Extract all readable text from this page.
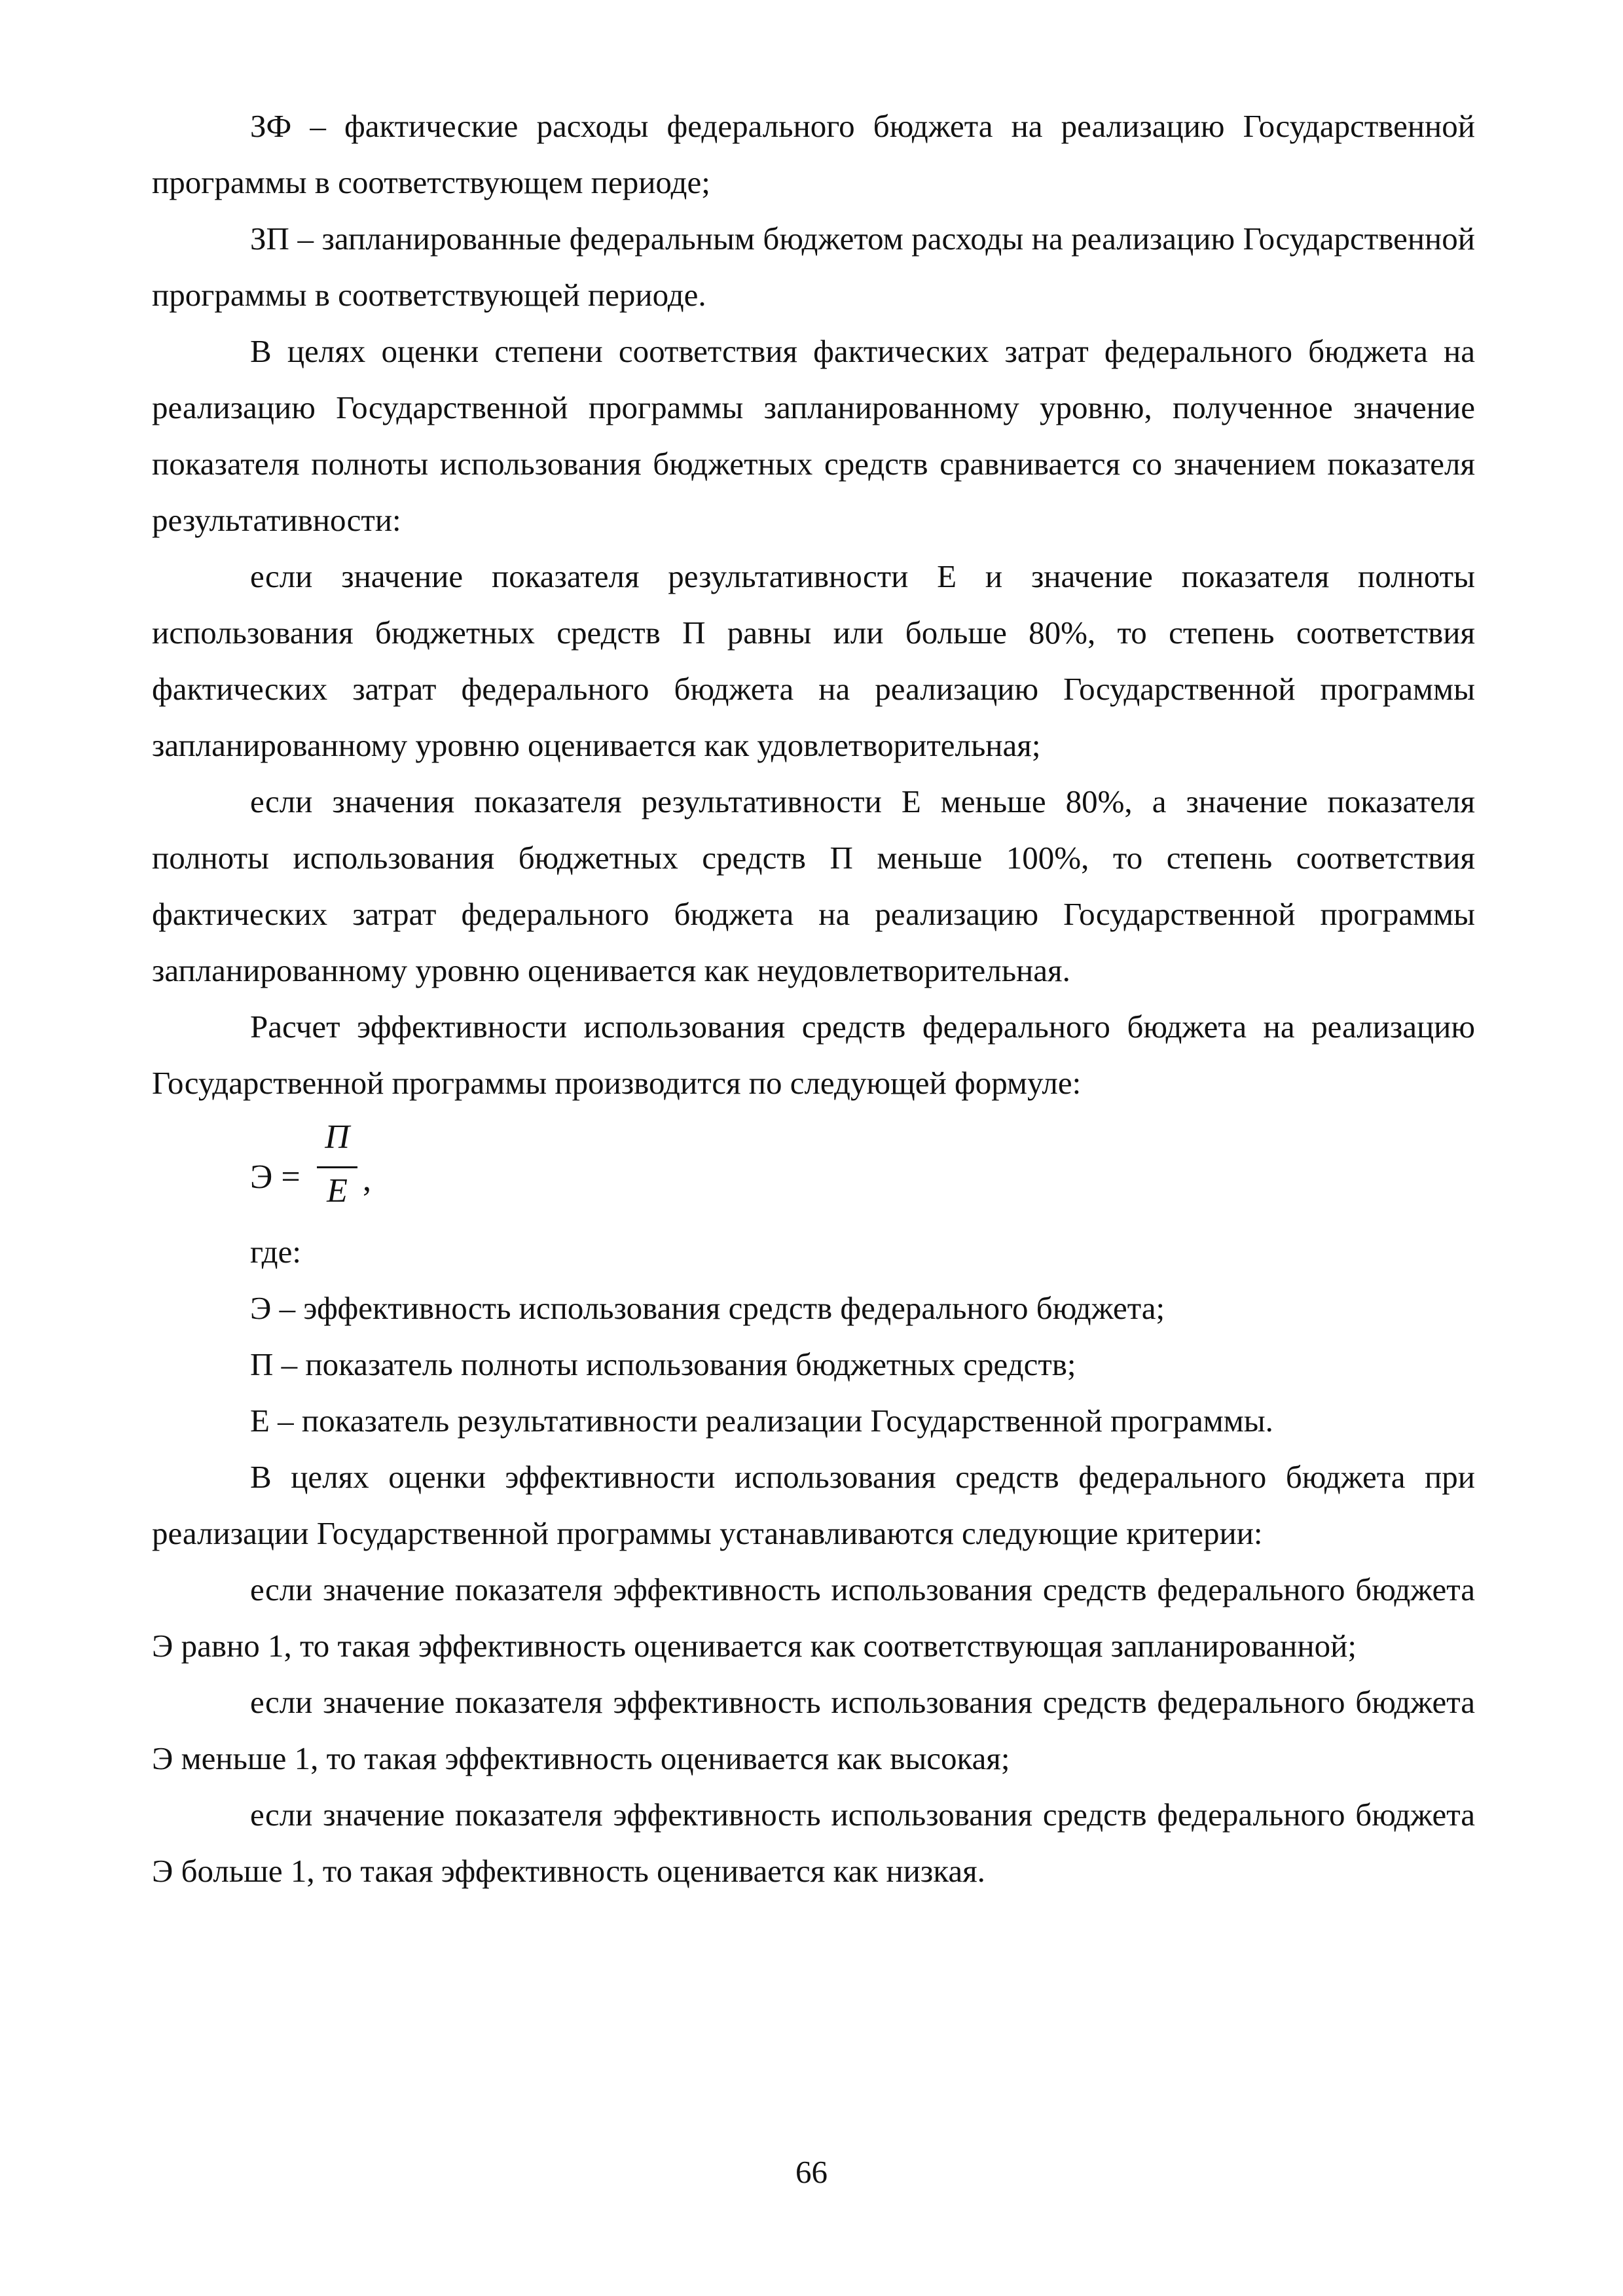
ЗФ – фактические расходы федерального бюджета на реализацию Государственной программы в соответствующем периоде;

ЗП – запланированные федеральным бюджетом расходы на реализацию Государственной программы в соответствующей периоде.

В целях оценки степени соответствия фактических затрат федерального бюджета на реализацию Государственной программы запланированному уровню, полученное значение показателя полноты использования бюджетных средств сравнивается со значением показателя результативности:

если значение показателя результативности Е и значение показателя полноты использования бюджетных средств П равны или больше 80%, то степень соответствия фактических затрат федерального бюджета на реализацию Государственной программы запланированному уровню оценивается как удовлетворительная;

если значения показателя результативности Е меньше 80%, а значение показателя полноты использования бюджетных средств П меньше 100%, то степень соответствия фактических затрат федерального бюджета на реализацию Государственной программы запланированному уровню оценивается как неудовлетворительная.

Расчет эффективности использования средств федерального бюджета на реализацию Государственной программы производится по следующей формуле:

Э =
П
Е ,

где:

Э – эффективность использования средств федерального бюджета;

П – показатель полноты использования бюджетных средств;

Е – показатель результативности реализации Государственной программы.

В целях оценки эффективности использования средств федерального бюджета при реализации Государственной программы устанавливаются следующие критерии:

если значение показателя эффективность использования средств федерального бюджета Э равно 1, то такая эффективность оценивается как соответствующая запланированной;

если значение показателя эффективность использования средств федерального бюджета Э меньше 1, то такая эффективность оценивается как высокая;

если значение показателя эффективность использования средств федерального бюджета Э больше 1, то такая эффективность оценивается как низкая.

66
